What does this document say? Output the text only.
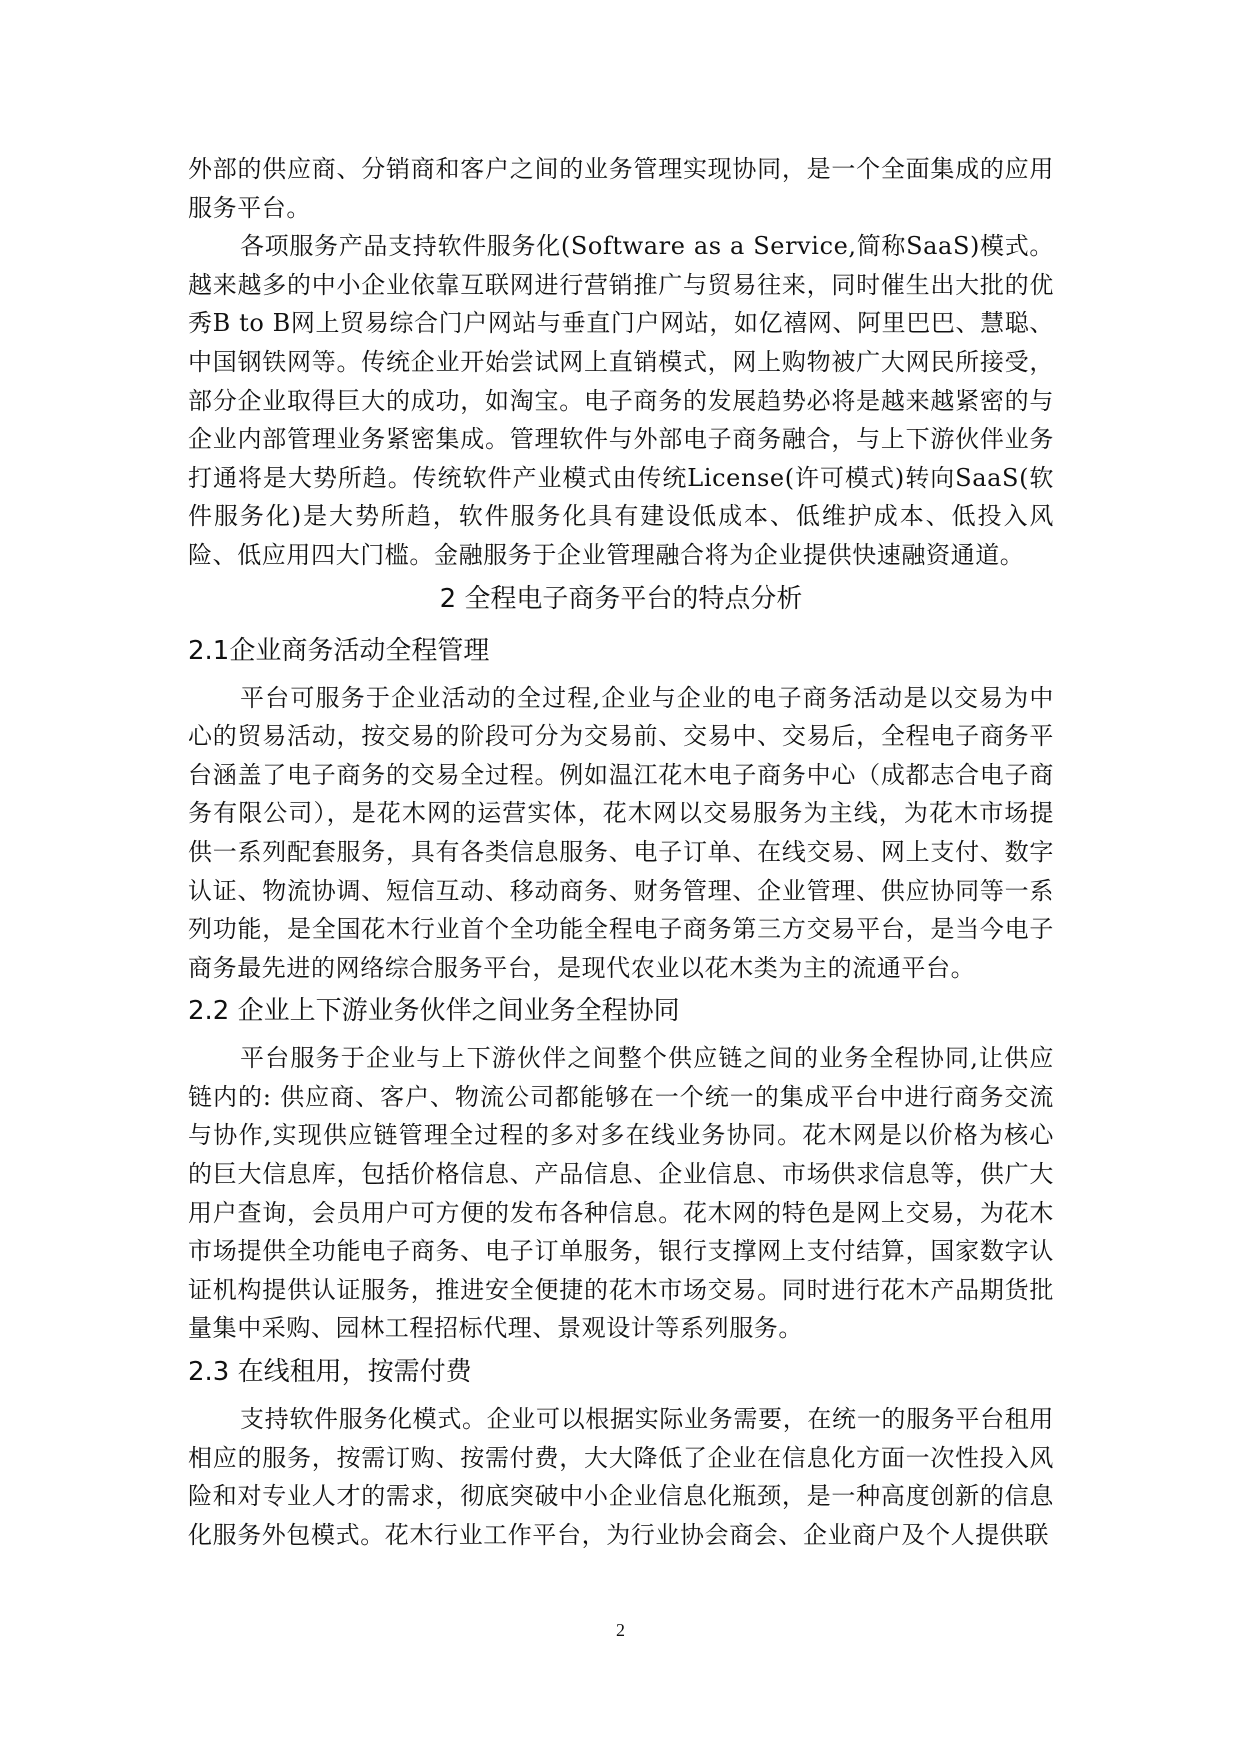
外部的供应商、分销商和客户之间的业务管理实现协同，是一个全面集成的应用服务平台。

各项服务产品支持软件服务化(Software as a Service,简称SaaS)模式。越来越多的中小企业依靠互联网进行营销推广与贸易往来，同时催生出大批的优秀B to B网上贸易综合门户网站与垂直门户网站，如亿禧网、阿里巴巴、慧聪、中国钢铁网等。传统企业开始尝试网上直销模式，网上购物被广大网民所接受，部分企业取得巨大的成功，如淘宝。电子商务的发展趋势必将是越来越紧密的与企业内部管理业务紧密集成。管理软件与外部电子商务融合，与上下游伙伴业务打通将是大势所趋。传统软件产业模式由传统License(许可模式)转向SaaS(软件服务化)是大势所趋，软件服务化具有建设低成本、低维护成本、低投入风险、低应用四大门槛。金融服务于企业管理融合将为企业提供快速融资通道。

2 全程电子商务平台的特点分析
2.1企业商务活动全程管理

平台可服务于企业活动的全过程,企业与企业的电子商务活动是以交易为中心的贸易活动，按交易的阶段可分为交易前、交易中、交易后，全程电子商务平台涵盖了电子商务的交易全过程。例如温江花木电子商务中心（成都志合电子商务有限公司），是花木网的运营实体，花木网以交易服务为主线，为花木市场提供一系列配套服务，具有各类信息服务、电子订单、在线交易、网上支付、数字认证、物流协调、短信互动、移动商务、财务管理、企业管理、供应协同等一系列功能，是全国花木行业首个全功能全程电子商务第三方交易平台，是当今电子商务最先进的网络综合服务平台，是现代农业以花木类为主的流通平台。

2.2 企业上下游业务伙伴之间业务全程协同

平台服务于企业与上下游伙伴之间整个供应链之间的业务全程协同,让供应链内的: 供应商、客户、物流公司都能够在一个统一的集成平台中进行商务交流与协作,实现供应链管理全过程的多对多在线业务协同。花木网是以价格为核心的巨大信息库，包括价格信息、产品信息、企业信息、市场供求信息等，供广大用户查询，会员用户可方便的发布各种信息。花木网的特色是网上交易，为花木市场提供全功能电子商务、电子订单服务，银行支撑网上支付结算，国家数字认证机构提供认证服务，推进安全便捷的花木市场交易。同时进行花木产品期货批量集中采购、园林工程招标代理、景观设计等系列服务。

2.3 在线租用，按需付费

支持软件服务化模式。企业可以根据实际业务需要，在统一的服务平台租用相应的服务，按需订购、按需付费，大大降低了企业在信息化方面一次性投入风险和对专业人才的需求，彻底突破中小企业信息化瓶颈，是一种高度创新的信息化服务外包模式。花木行业工作平台，为行业协会商会、企业商户及个人提供联

2
